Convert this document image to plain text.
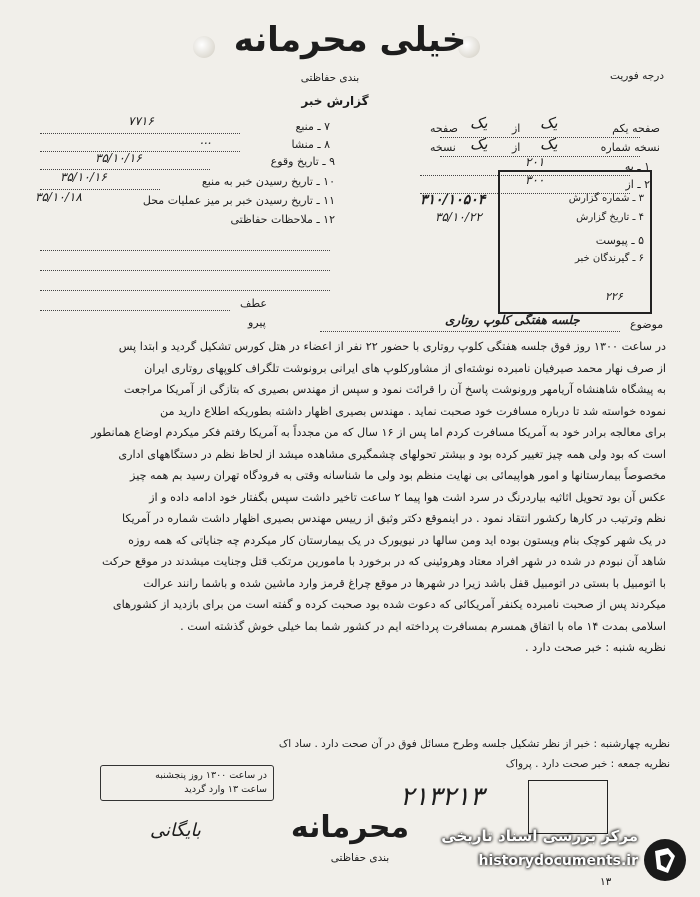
خیلی محرمانه
بندی حفاظتی
گزارش خبر
درجه فوریت
صفحه یکم
یک
از
یک
صفحه
نسخه شماره
یک
از
یک
نسخه
۱ ـ به
۲۰۱
۲ ـ از
۳۰۰
۳ ـ شماره گزارش
۳۱۰/۱۰۵۰۴
۴ ـ تاریخ گزارش
۳۵/۱۰/۲۲
۵ ـ پیوست
۶ ـ گیرندگان خبر
۲۲۶
۷ ـ منبع
۷۷۱۶
۸ ـ منشا
...
۹ ـ تاریخ وقوع
۳۵/۱۰/۱۶
۱۰ ـ تاریخ رسیدن خبر به منبع
۳۵/۱۰/۱۶
۱۱ ـ تاریخ رسیدن خبر بر میز عملیات محل
۳۵/۱۰/۱۸
۱۲ ـ ملاحظات حفاظتی
عطف
پیرو	موضوع
جلسه هفتگی کلوپ روتاری

در ساعت ۱۳۰۰ روز فوق جلسه هفتگی کلوپ روتاری با حضور ۲۲ نفر از اعضاء در هتل کورس تشکیل گردید و ابتدا پس

از صرف نهار محمد صیرفیان نامبرده نوشته‌ای از مشاورکلوپ های ایرانی برونوشت تلگراف کلوپهای روتاری ایران

به پیشگاه شاهنشاه آریامهر ورونوشت پاسخ آن را قرائت نمود و سپس از مهندس بصیری که بتازگی از آمریکا مراجعت

نموده خواسته شد تا درباره مسافرت خود صحبت نماید . مهندس بصیری اظهار داشته بطوریکه اطلاع دارید من

برای معالجه برادر خود به آمریکا مسافرت کردم اما پس از ۱۶ سال که من مجدداً به آمریکا رفتم فکر میکردم اوضاع همانطور

است که بود ولی همه چیز تغییر کرده بود و بیشتر تحولهای چشمگیری مشاهده میشد از لحاظ نظم در دستگاههای اداری

مخصوصاً بیمارستانها و امور هواپیمائی بی نهایت منظم بود ولی ما شناسانه وقتی به فرودگاه تهران رسید بم همه چیز

عکس آن بود تحویل اثاثیه بیاردرنگ در سرد اشت هوا پیما ۲ ساعت تاخیر داشت سپس بگفتار خود ادامه داده و از

نظم وترتیب در کارها رکشور انتقاد نمود . در اینموقع دکتر وثیق از رییس مهندس بصیری اظهار داشت شماره در آمریکا

در یک شهر کوچک بنام ویستون بوده اید ومن سالها در نیویورک در یک بیمارستان کار میکردم چه جنایاتی که همه روزه

شاهد آن نبودم در شده در شهر افراد معتاد وهروئینی که در برخورد با مامورین مرتکب قتل وجنایت میشدند در موقع حرکت

با اتومبیل با بستی در اتومبیل قفل باشد زیرا در شهرها در موقع چراغ قرمز وارد ماشین شده و باشما رانند عرالت

میکردند پس از صحبت نامبرده یکنفر آمریکائی که دعوت شده بود صحبت کرده و گفته است من برای بازدید از کشورهای

اسلامی بمدت ۱۴ ماه با اتفاق همسرم بمسافرت پرداخته ایم در کشور شما بما خیلی خوش گذشته است .

نظریه شنبه : خبر صحت دارد .

نظریه چهارشنبه : خبر از نظر تشکیل جلسه وطرح مسائل فوق در آن صحت دارد . ساد اک
نظریه جمعه : خبر صحت دارد . پرواک
در ساعت ۱۳۰۰ روز پنجشنبه
ساعت ۱۳ وارد گردید	۲۱۳۲۱۳
محرمانه
بندی حفاظتی
بایگانی
۱۳
مرکز بررسی اسناد تاریخی
historydocuments.ir
